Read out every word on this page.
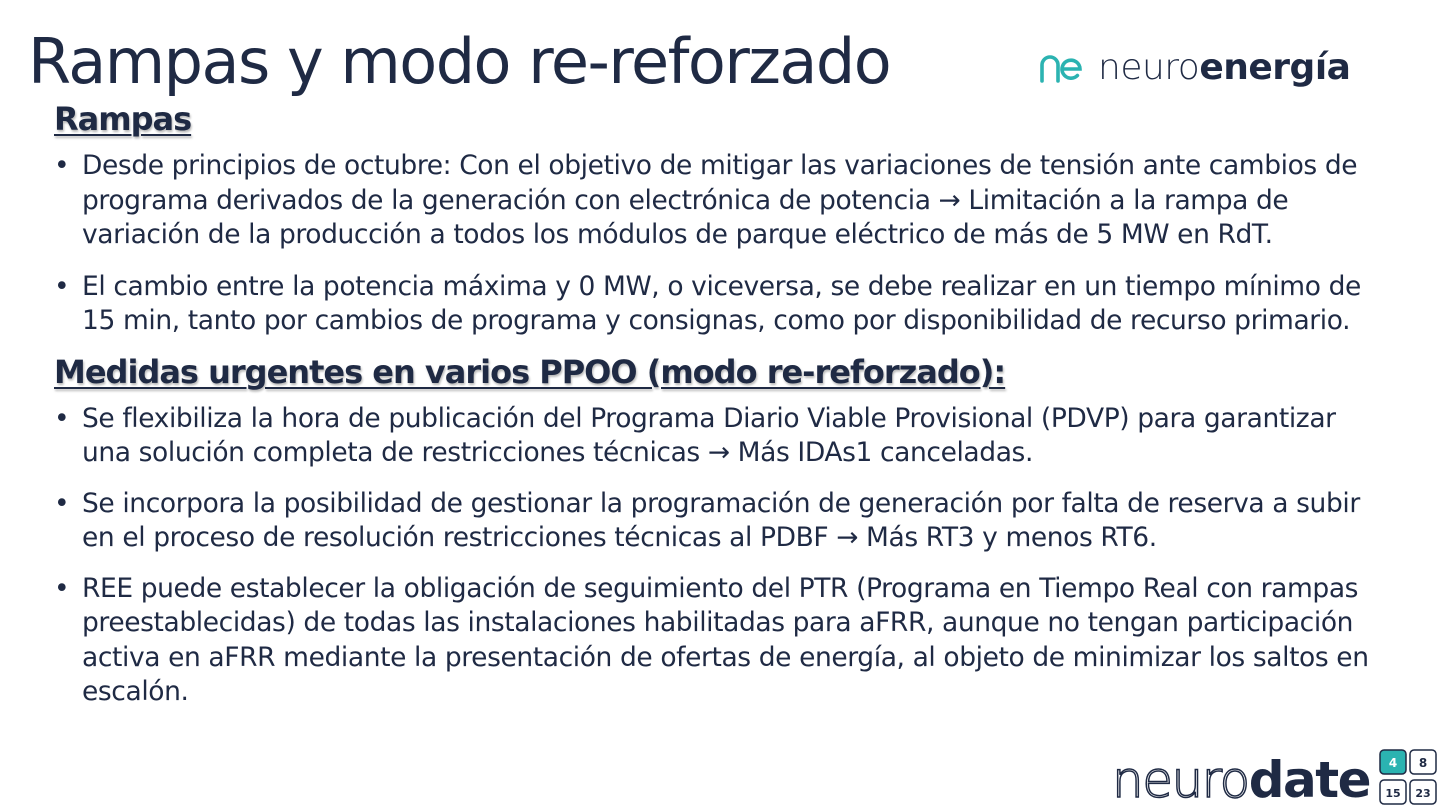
Rampas y modo re-reforzado	neuroenergía
Rampas
• Desde principios de octubre: Con el objetivo de mitigar las variaciones de tensión ante cambios de programa derivados de la generación con electrónica de potencia → Limitación a la rampa de variación de la producción a todos los módulos de parque eléctrico de más de 5 MW en RdT.
• El cambio entre la potencia máxima y 0 MW, o viceversa, se debe realizar en un tiempo mínimo de 15 min, tanto por cambios de programa y consignas, como por disponibilidad de recurso primario.
Medidas urgentes en varios PPOO (modo re-reforzado):
• Se flexibiliza la hora de publicación del Programa Diario Viable Provisional (PDVP) para garantizar una solución completa de restricciones técnicas → Más IDAs1 canceladas.
• Se incorpora la posibilidad de gestionar la programación de generación por falta de reserva a subir en el proceso de resolución restricciones técnicas al PDBF → Más RT3 y menos RT6.
• REE puede establecer la obligación de seguimiento del PTR (Programa en Tiempo Real con rampas preestablecidas) de todas las instalaciones habilitadas para aFRR, aunque no tengan participación activa en aFRR mediante la presentación de ofertas de energía, al objeto de minimizar los saltos en escalón.
neurodate 4 8
15 23
